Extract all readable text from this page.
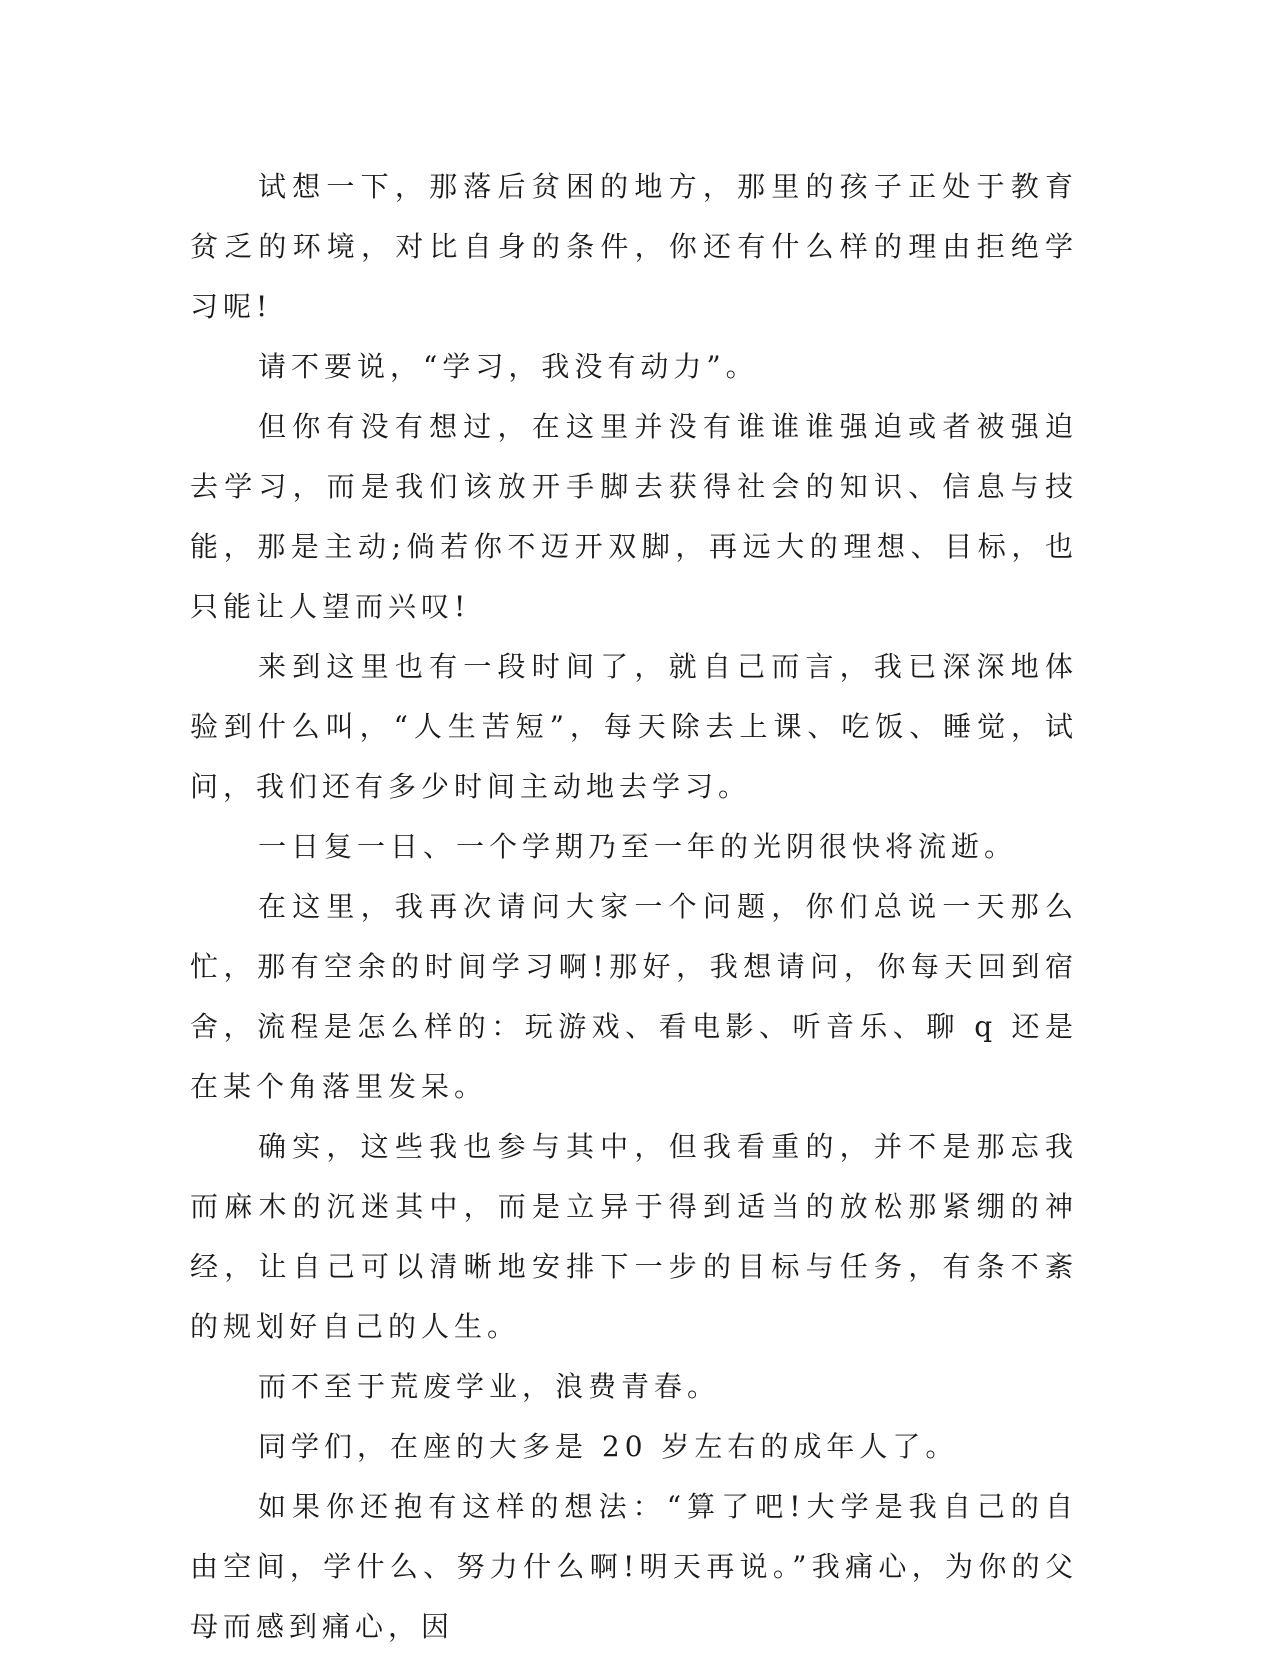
试想一下，那落后贫困的地方，那里的孩子正处于教育贫乏的环境，对比自身的条件，你还有什么样的理由拒绝学习呢!

请不要说，“学习，我没有动力”。

但你有没有想过，在这里并没有谁谁谁强迫或者被强迫去学习，而是我们该放开手脚去获得社会的知识、信息与技能，那是主动;倘若你不迈开双脚，再远大的理想、目标，也只能让人望而兴叹!

来到这里也有一段时间了，就自己而言，我已深深地体验到什么叫，“人生苦短”，每天除去上课、吃饭、睡觉，试问，我们还有多少时间主动地去学习。

一日复一日、一个学期乃至一年的光阴很快将流逝。

在这里，我再次请问大家一个问题，你们总说一天那么忙，那有空余的时间学习啊!那好，我想请问，你每天回到宿舍，流程是怎么样的：玩游戏、看电影、听音乐、聊 q 还是在某个角落里发呆。

确实，这些我也参与其中，但我看重的，并不是那忘我而麻木的沉迷其中，而是立异于得到适当的放松那紧绷的神经，让自己可以清晰地安排下一步的目标与任务，有条不紊的规划好自己的人生。

而不至于荒废学业，浪费青春。

同学们，在座的大多是 20 岁左右的成年人了。

如果你还抱有这样的想法：“算了吧!大学是我自己的自由空间，学什么、努力什么啊!明天再说。”我痛心，为你的父母而感到痛心，因
